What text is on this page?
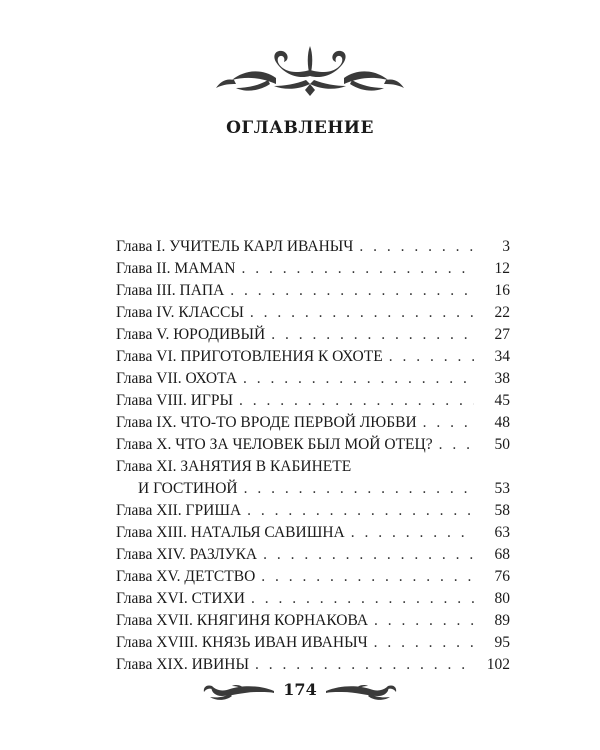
ОГЛАВЛЕНИЕ
Глава I. УЧИТЕЛЬ КАРЛ ИВАНЫЧ . . .	3
Глава II. MAMAN . . .	12
Глава III. ПАПА . . .	16
Глава IV. КЛАССЫ . . .	22
Глава V. ЮРОДИВЫЙ . . .	27
Глава VI. ПРИГОТОВЛЕНИЯ К ОХОТЕ . . .	34
Глава VII. ОХОТА . . .	38
Глава VIII. ИГРЫ . . .	45
Глава IX. ЧТО-ТО ВРОДЕ ПЕРВОЙ ЛЮБВИ . . .	48
Глава X. ЧТО ЗА ЧЕЛОВЕК БЫЛ МОЙ ОТЕЦ? . . .	50
Глава XI. ЗАНЯТИЯ В КАБИНЕТЕ
И ГОСТИНОЙ . . .	53
Глава XII. ГРИША . . .	58
Глава XIII. НАТАЛЬЯ САВИШНА . . .	63
Глава XIV. РАЗЛУКА . . .	68
Глава XV. ДЕТСТВО . . .	76
Глава XVI. СТИХИ . . .	80
Глава XVII. КНЯГИНЯ КОРНАКОВА . . .	89
Глава XVIII. КНЯЗЬ ИВАН ИВАНЫЧ . . .	95
Глава XIX. ИВИНЫ . . .	102
174
